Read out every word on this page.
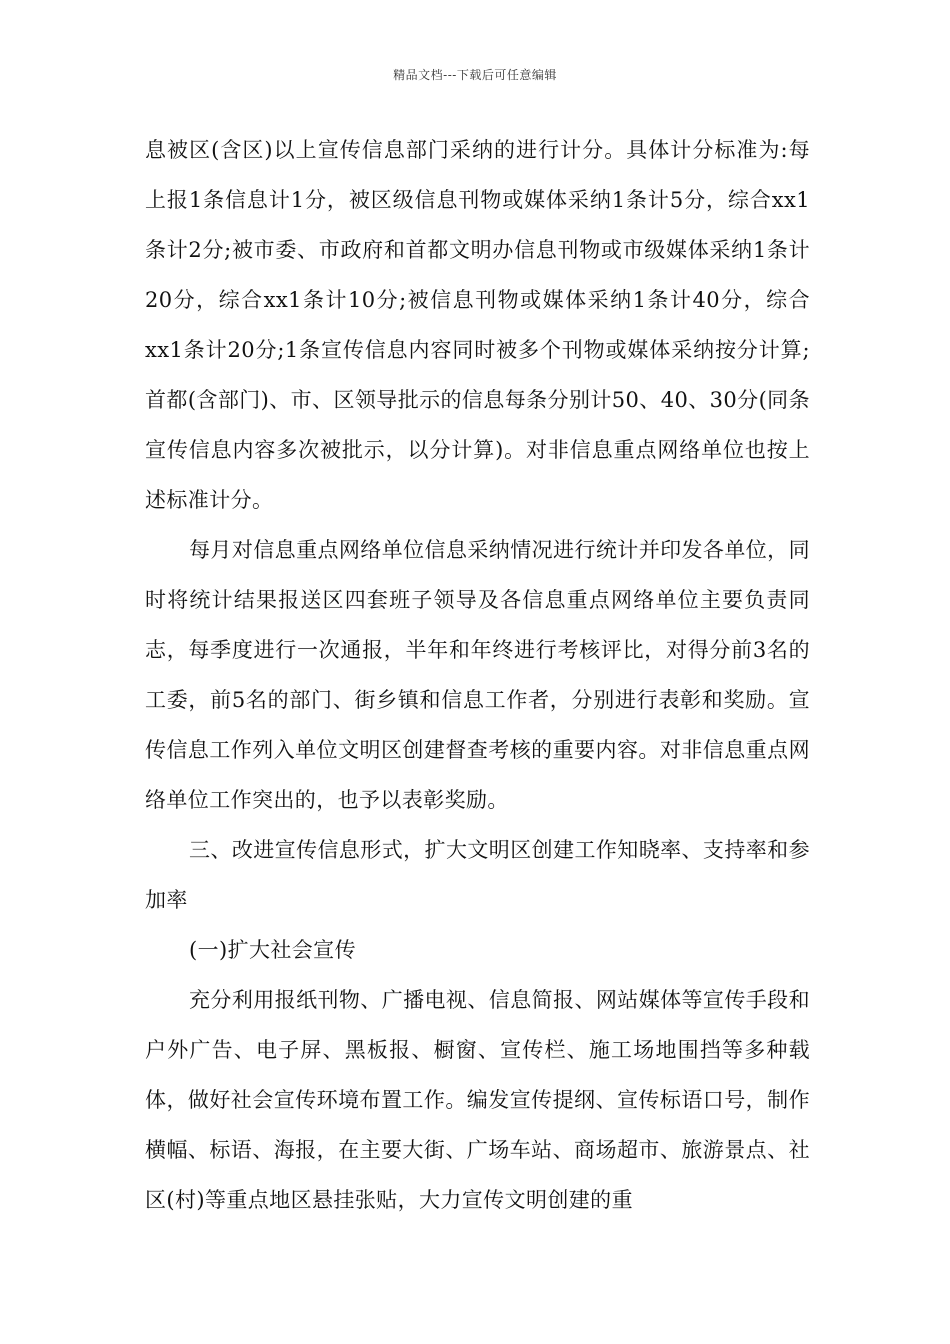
精品文档---下载后可任意编辑

息被区(含区)以上宣传信息部门采纳的进行计分。具体计分标准为:每上报1条信息计1分，被区级信息刊物或媒体采纳1条计5分，综合xx1条计2分;被市委、市政府和首都文明办信息刊物或市级媒体采纳1条计20分，综合xx1条计10分;被信息刊物或媒体采纳1条计40分，综合xx1条计20分;1条宣传信息内容同时被多个刊物或媒体采纳按分计算;首都(含部门)、市、区领导批示的信息每条分别计50、40、30分(同条宣传信息内容多次被批示，以分计算)。对非信息重点网络单位也按上述标准计分。

每月对信息重点网络单位信息采纳情况进行统计并印发各单位，同时将统计结果报送区四套班子领导及各信息重点网络单位主要负责同志，每季度进行一次通报，半年和年终进行考核评比，对得分前3名的工委，前5名的部门、街乡镇和信息工作者，分别进行表彰和奖励。宣传信息工作列入单位文明区创建督查考核的重要内容。对非信息重点网络单位工作突出的，也予以表彰奖励。

三、改进宣传信息形式，扩大文明区创建工作知晓率、支持率和参加率

(一)扩大社会宣传

充分利用报纸刊物、广播电视、信息简报、网站媒体等宣传手段和户外广告、电子屏、黑板报、橱窗、宣传栏、施工场地围挡等多种载体，做好社会宣传环境布置工作。编发宣传提纲、宣传标语口号，制作横幅、标语、海报，在主要大街、广场车站、商场超市、旅游景点、社区(村)等重点地区悬挂张贴，大力宣传文明创建的重
